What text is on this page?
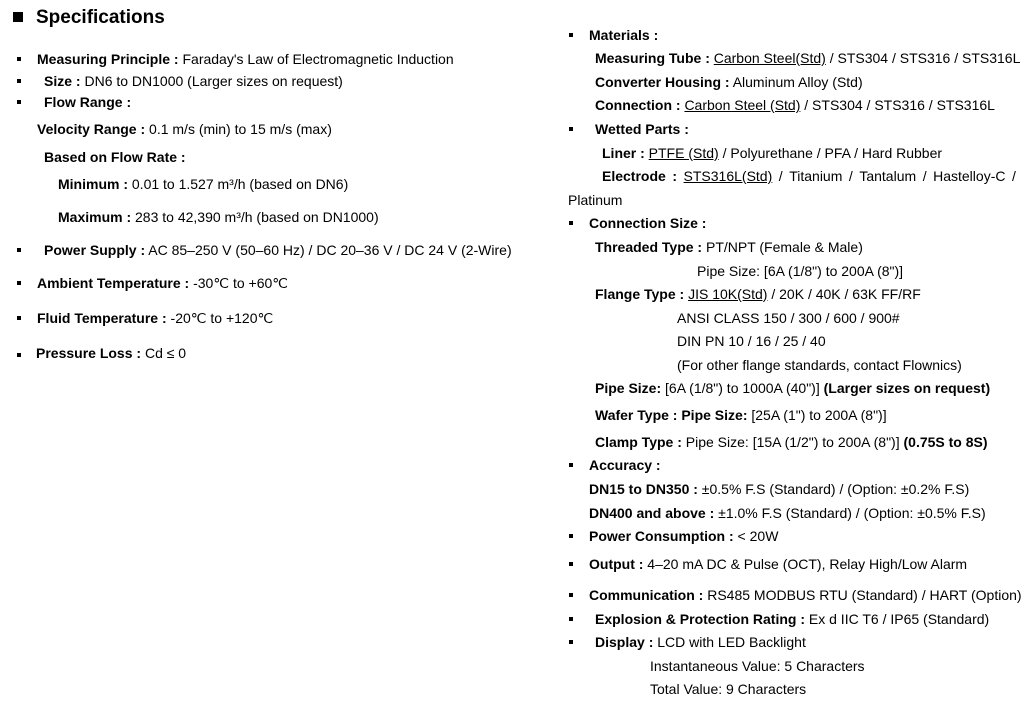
Specifications
Measuring Principle : Faraday's Law of Electromagnetic Induction
Size : DN6 to DN1000 (Larger sizes on request)
Flow Range :
Velocity Range : 0.1 m/s (min) to 15 m/s (max)
Based on Flow Rate :
Minimum : 0.01 to 1.527 m³/h (based on DN6)
Maximum : 283 to 42,390 m³/h (based on DN1000)
Power Supply : AC 85–250 V (50–60 Hz) / DC 20–36 V / DC 24 V (2-Wire)
Ambient Temperature : -30℃ to +60℃
Fluid Temperature : -20℃ to +120℃
Pressure Loss : Cd ≤ 0
Materials :
Measuring Tube : Carbon Steel(Std) / STS304 / STS316 / STS316L
Converter Housing : Aluminum Alloy (Std)
Connection : Carbon Steel (Std) / STS304 / STS316 / STS316L
Wetted Parts :
Liner : PTFE (Std) / Polyurethane / PFA / Hard Rubber
Electrode : STS316L(Std) / Titanium / Tantalum / Hastelloy-C /
Platinum
Connection Size :
Threaded Type : PT/NPT (Female & Male)
Pipe Size: [6A (1/8") to 200A (8")]
Flange Type : JIS 10K(Std) / 20K / 40K / 63K FF/RF
ANSI CLASS 150 / 300 / 600 / 900#
DIN PN 10 / 16 / 25 / 40
(For other flange standards, contact Flownics)
Pipe Size: [6A (1/8") to 1000A (40")] (Larger sizes on request)
Wafer Type : Pipe Size: [25A (1") to 200A (8")]
Clamp Type : Pipe Size: [15A (1/2") to 200A (8")] (0.75S to 8S)
Accuracy :
DN15 to DN350 : ±0.5% F.S (Standard) / (Option: ±0.2% F.S)
DN400 and above : ±1.0% F.S (Standard) / (Option: ±0.5% F.S)
Power Consumption : < 20W
Output : 4–20 mA DC & Pulse (OCT), Relay High/Low Alarm
Communication : RS485 MODBUS RTU (Standard) / HART (Option)
Explosion & Protection Rating : Ex d IIC T6 / IP65 (Standard)
Display : LCD with LED Backlight
Instantaneous Value: 5 Characters
Total Value: 9 Characters
